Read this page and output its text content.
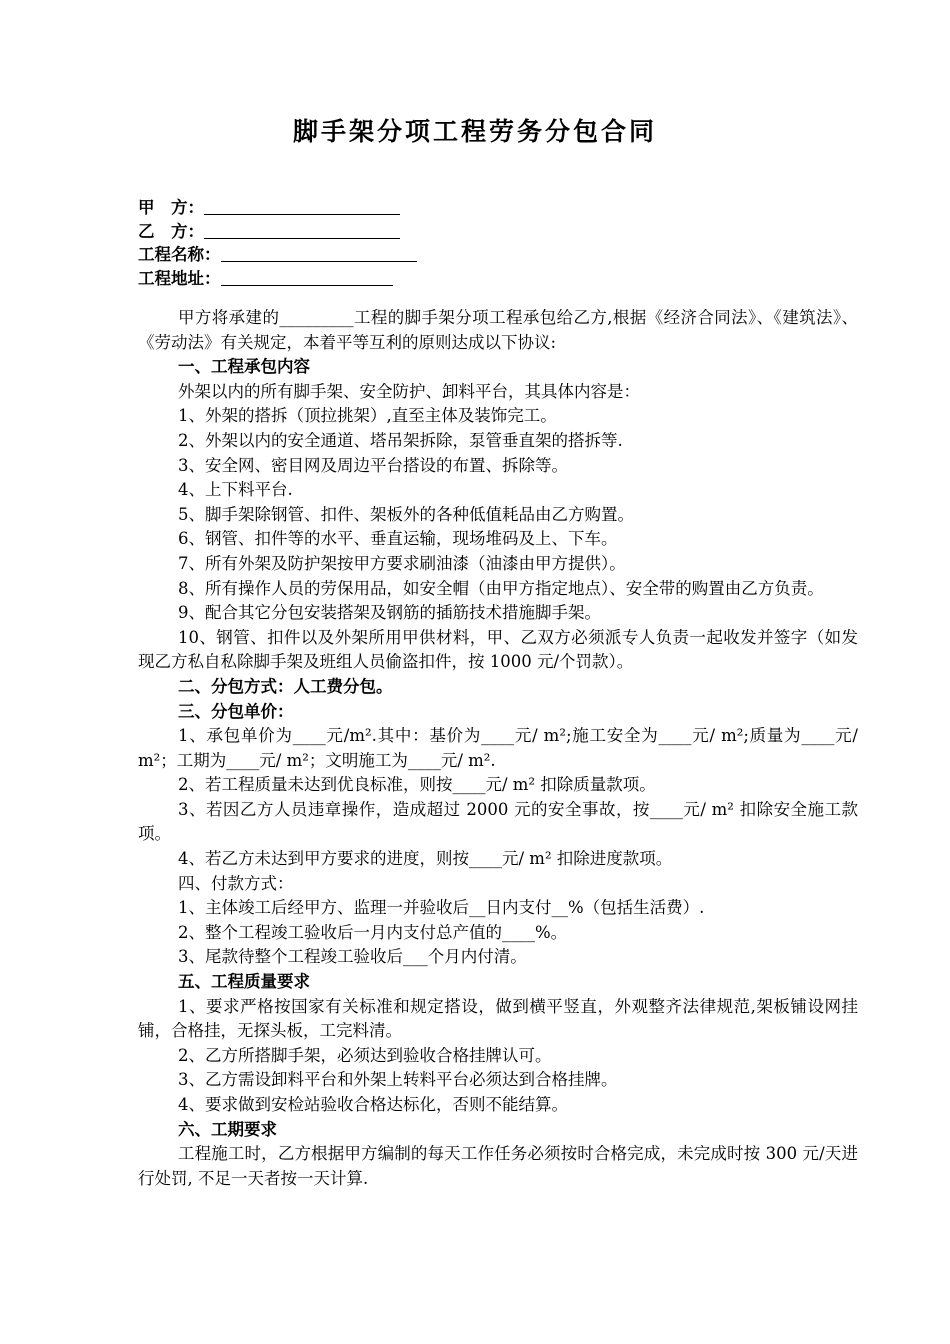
脚手架分项工程劳务分包合同
甲　方：
乙　方：
工程名称：
工程地址：

甲方将承建的_________工程的脚手架分项工程承包给乙方,根据《经济合同法》、《建筑法》、《劳动法》有关规定，本着平等互利的原则达成以下协议:

一、工程承包内容

外架以内的所有脚手架、安全防护、卸料平台，其具体内容是：

1、外架的搭拆（顶拉挑架）,直至主体及装饰完工。

2、外架以内的安全通道、塔吊架拆除，泵管垂直架的搭拆等.

3、安全网、密目网及周边平台搭设的布置、拆除等。

4、上下料平台.

5、脚手架除钢管、扣件、架板外的各种低值耗品由乙方购置。

6、钢管、扣件等的水平、垂直运输，现场堆码及上、下车。

7、所有外架及防护架按甲方要求刷油漆（油漆由甲方提供）。

8、所有操作人员的劳保用品，如安全帽（由甲方指定地点）、安全带的购置由乙方负责。

9、配合其它分包安装搭架及钢筋的插筋技术措施脚手架。

10、钢管、扣件以及外架所用甲供材料，甲、乙双方必须派专人负责一起收发并签字（如发现乙方私自私除脚手架及班组人员偷盗扣件，按 1000 元/个罚款）。

二、分包方式：人工费分包。

三、分包单价：

1、承包单价为____元/m².其中：基价为____元/ m²;施工安全为____元/ m²;质量为____元/ m²；工期为____元/ m²；文明施工为____元/ m².

2、若工程质量未达到优良标准，则按____元/ m² 扣除质量款项。

3、若因乙方人员违章操作，造成超过 2000 元的安全事故，按____元/ m² 扣除安全施工款项。

4、若乙方未达到甲方要求的进度，则按____元/ m² 扣除进度款项。

四、付款方式：

1、主体竣工后经甲方、监理一并验收后__日内支付__%（包括生活费）.

2、整个工程竣工验收后一月内支付总产值的____%。

3、尾款待整个工程竣工验收后___个月内付清。

五、工程质量要求

1、要求严格按国家有关标准和规定搭设，做到横平竖直，外观整齐法律规范,架板铺设网挂铺，合格挂，无探头板，工完料清。

2、乙方所搭脚手架，必须达到验收合格挂牌认可。

3、乙方需设卸料平台和外架上转料平台必须达到合格挂牌。

4、要求做到安检站验收合格达标化，否则不能结算。

六、工期要求

工程施工时，乙方根据甲方编制的每天工作任务必须按时合格完成，未完成时按 300 元/天进行处罚, 不足一天者按一天计算.
